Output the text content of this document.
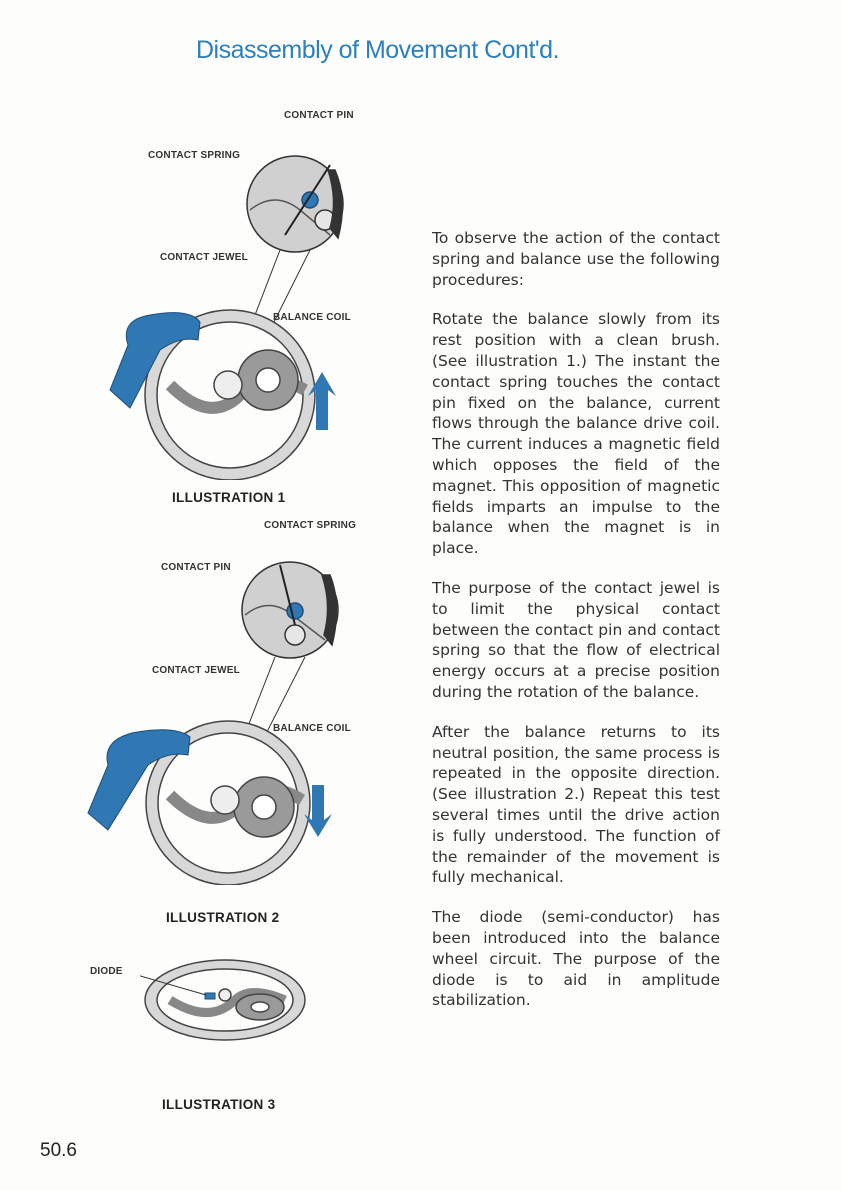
Disassembly of Movement Cont'd.
CONTACT PIN
CONTACT SPRING
CONTACT JEWEL
BALANCE COIL
ILLUSTRATION 1
CONTACT SPRING
CONTACT PIN
CONTACT JEWEL
BALANCE COIL
ILLUSTRATION 2
DIODE
ILLUSTRATION 3

To observe the action of the contact spring and balance use the following procedures:

Rotate the balance slowly from its rest position with a clean brush. (See illustration 1.) The instant the contact spring touches the contact pin fixed on the balance, current flows through the balance drive coil. The current induces a magnetic field which opposes the field of the magnet. This opposition of magnetic fields imparts an impulse to the balance when the magnet is in place.

The purpose of the contact jewel is to limit the physical contact between the contact pin and contact spring so that the flow of electrical energy occurs at a precise position during the rotation of the balance.

After the balance returns to its neutral position, the same process is repeated in the opposite direction. (See illustration 2.) Repeat this test several times until the drive action is fully understood. The function of the remainder of the movement is fully mechanical.

The diode (semi-conductor) has been introduced into the balance wheel circuit. The purpose of the diode is to aid in amplitude stabilization.

50.6
